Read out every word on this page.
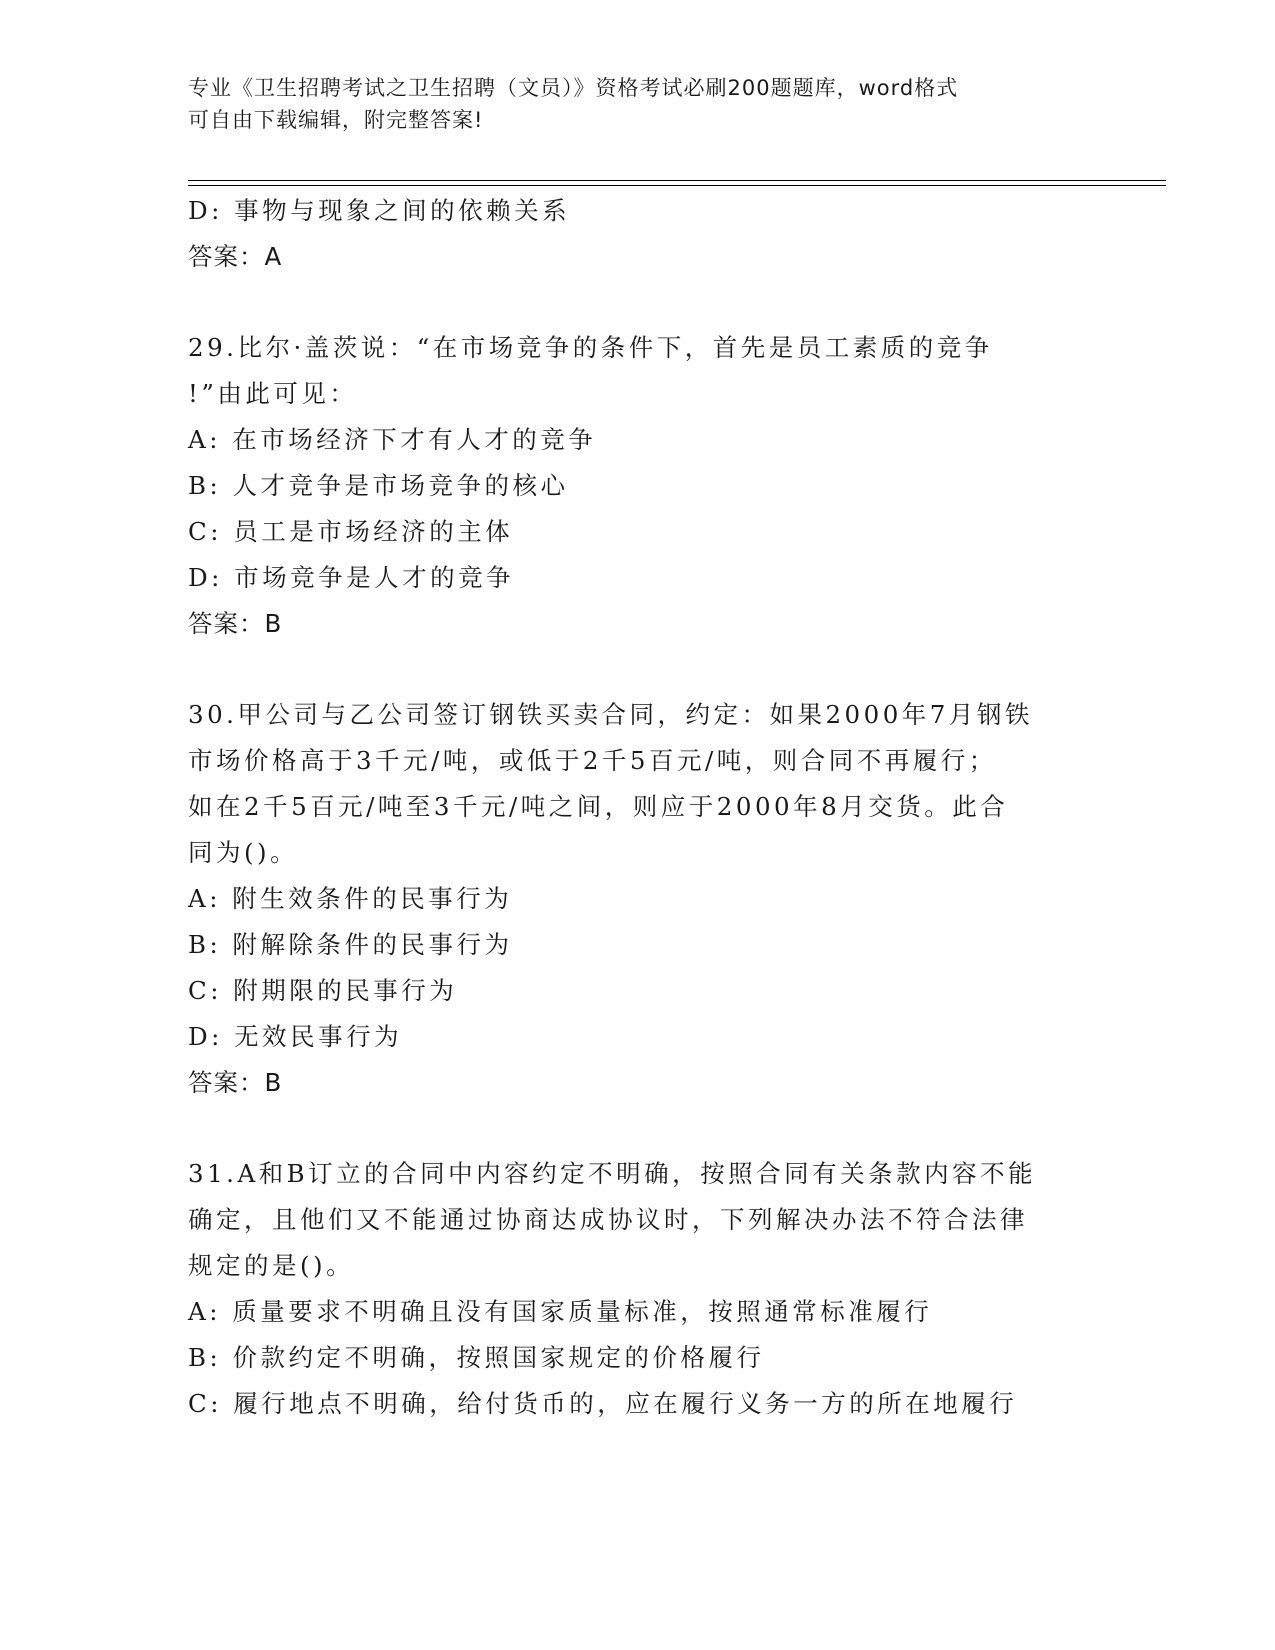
专业《卫生招聘考试之卫生招聘（文员）》资格考试必刷200题题库，word格式
可自由下载编辑，附完整答案!
D: 事物与现象之间的依赖关系
答案：A
29.比尔·盖茨说：“在市场竞争的条件下，首先是员工素质的竞争
!”由此可见：
A: 在市场经济下才有人才的竞争
B: 人才竞争是市场竞争的核心
C: 员工是市场经济的主体
D: 市场竞争是人才的竞争
答案：B
30.甲公司与乙公司签订钢铁买卖合同，约定：如果2000年7月钢铁
市场价格高于3千元/吨，或低于2千5百元/吨，则合同不再履行；
如在2千5百元/吨至3千元/吨之间，则应于2000年8月交货。此合
同为()。
A: 附生效条件的民事行为
B: 附解除条件的民事行为
C: 附期限的民事行为
D: 无效民事行为
答案：B
31.A和B订立的合同中内容约定不明确，按照合同有关条款内容不能
确定，且他们又不能通过协商达成协议时，下列解决办法不符合法律
规定的是()。
A: 质量要求不明确且没有国家质量标准，按照通常标准履行
B: 价款约定不明确，按照国家规定的价格履行
C: 履行地点不明确，给付货币的，应在履行义务一方的所在地履行
